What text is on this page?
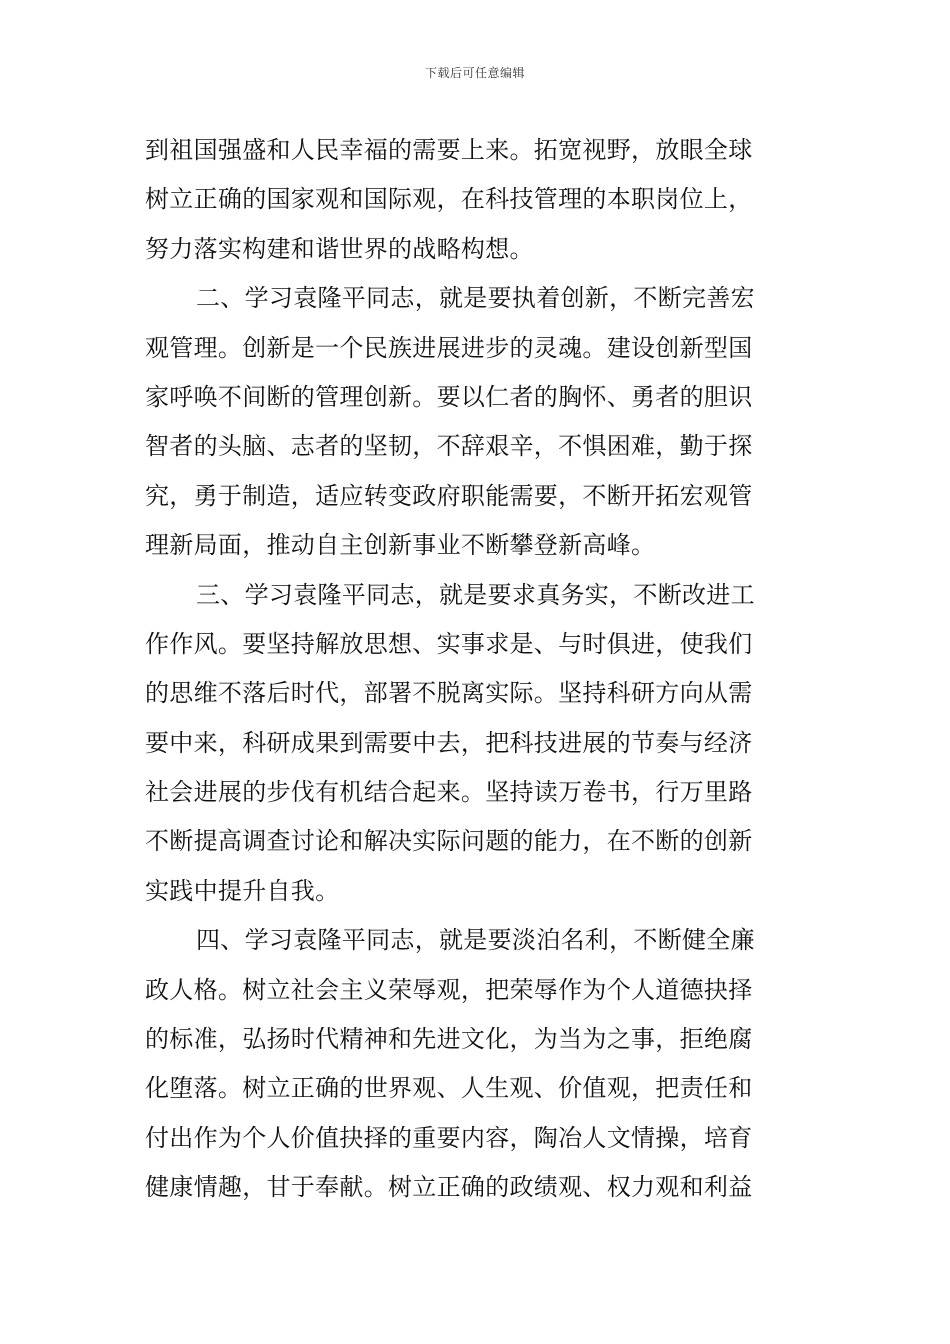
下载后可任意编辑
到祖国强盛和人民幸福的需要上来。拓宽视野，放眼全球
树立正确的国家观和国际观，在科技管理的本职岗位上，
努力落实构建和谐世界的战略构想。
二、学习袁隆平同志，就是要执着创新，不断完善宏
观管理。创新是一个民族进展进步的灵魂。建设创新型国
家呼唤不间断的管理创新。要以仁者的胸怀、勇者的胆识
智者的头脑、志者的坚韧，不辞艰辛，不惧困难，勤于探
究，勇于制造，适应转变政府职能需要，不断开拓宏观管
理新局面，推动自主创新事业不断攀登新高峰。
三、学习袁隆平同志，就是要求真务实，不断改进工
作作风。要坚持解放思想、实事求是、与时俱进，使我们
的思维不落后时代，部署不脱离实际。坚持科研方向从需
要中来，科研成果到需要中去，把科技进展的节奏与经济
社会进展的步伐有机结合起来。坚持读万卷书，行万里路
不断提高调查讨论和解决实际问题的能力，在不断的创新
实践中提升自我。
四、学习袁隆平同志，就是要淡泊名利，不断健全廉
政人格。树立社会主义荣辱观，把荣辱作为个人道德抉择
的标准，弘扬时代精神和先进文化，为当为之事，拒绝腐
化堕落。树立正确的世界观、人生观、价值观，把责任和
付出作为个人价值抉择的重要内容，陶冶人文情操，培育
健康情趣，甘于奉献。树立正确的政绩观、权力观和利益
